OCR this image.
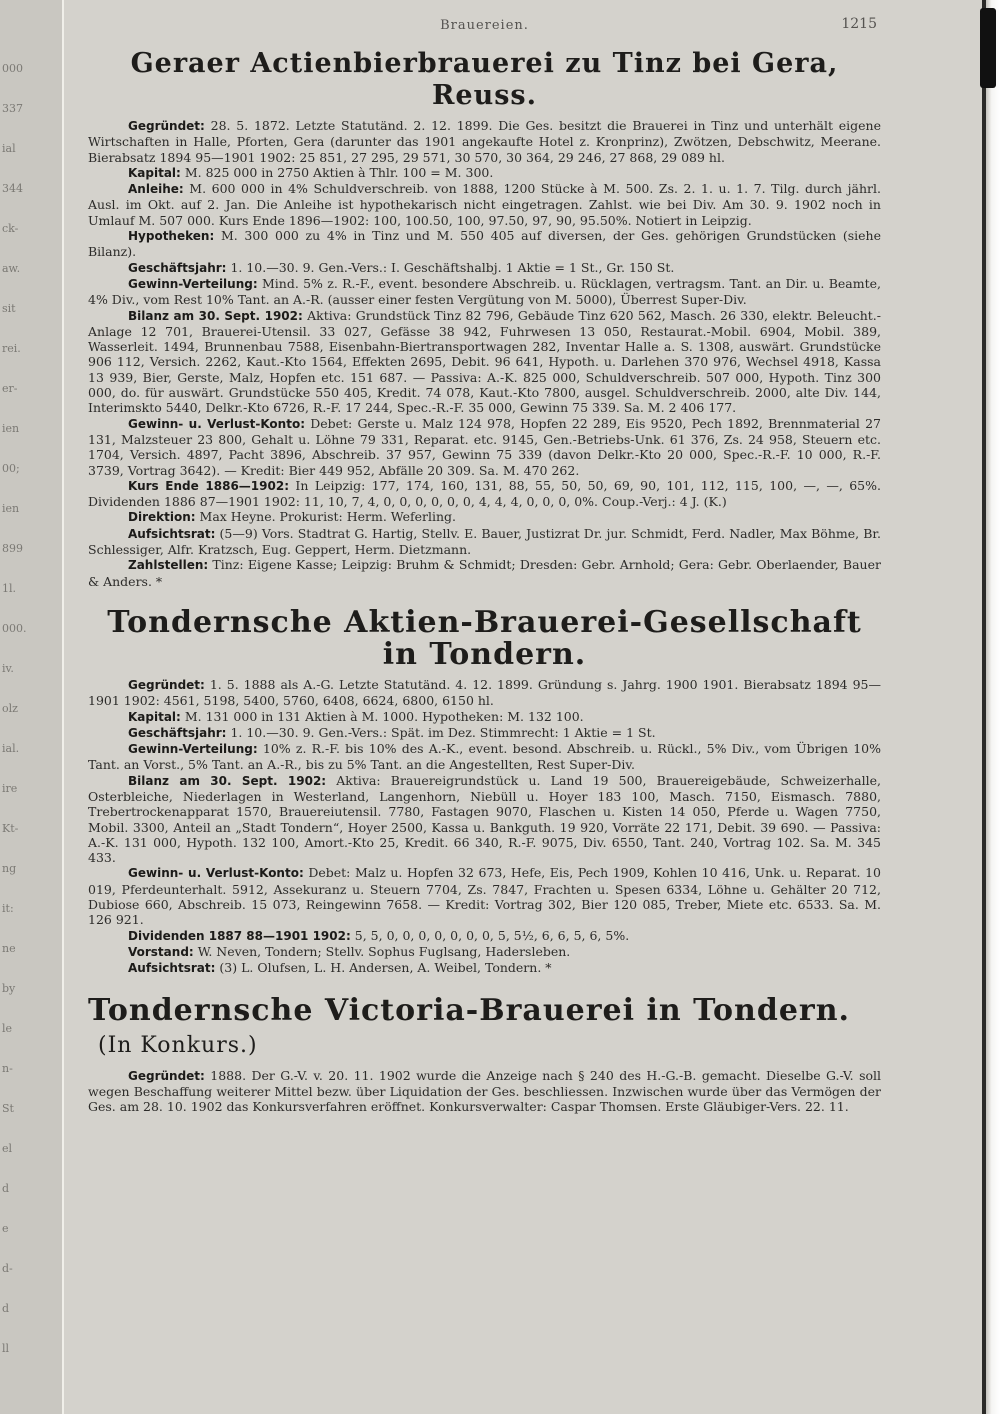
000
337
ial
344
ck-
aw.
sit
rei.
er-
ien
00;
ien
899
1l.
000.
iv.
olz
ial.
ire
Kt-
ng
it:
ne
by
le
n-
St
el
d
e
d-
d
ll
Brauereien.	1215
Geraer Actienbierbrauerei zu Tinz bei Gera, Reuss.

Gegründet: 28. 5. 1872. Letzte Statutänd. 2. 12. 1899. Die Ges. besitzt die Brauerei in Tinz und unterhält eigene Wirtschaften in Halle, Pforten, Gera (darunter das 1901 angekaufte Hotel z. Kronprinz), Zwötzen, Debschwitz, Meerane. Bierabsatz 1894 95—1901 1902: 25 851, 27 295, 29 571, 30 570, 30 364, 29 246, 27 868, 29 089 hl.

Kapital: M. 825 000 in 2750 Aktien à Thlr. 100 = M. 300.

Anleihe: M. 600 000 in 4% Schuldverschreib. von 1888, 1200 Stücke à M. 500. Zs. 2. 1. u. 1. 7. Tilg. durch jährl. Ausl. im Okt. auf 2. Jan. Die Anleihe ist hypothekarisch nicht eingetragen. Zahlst. wie bei Div. Am 30. 9. 1902 noch in Umlauf M. 507 000. Kurs Ende 1896—1902: 100, 100.50, 100, 97.50, 97, 90, 95.50%. Notiert in Leipzig.

Hypotheken: M. 300 000 zu 4% in Tinz und M. 550 405 auf diversen, der Ges. gehörigen Grundstücken (siehe Bilanz).

Geschäftsjahr: 1. 10.—30. 9. Gen.-Vers.: I. Geschäftshalbj. 1 Aktie = 1 St., Gr. 150 St.

Gewinn-Verteilung: Mind. 5% z. R.-F., event. besondere Abschreib. u. Rücklagen, vertragsm. Tant. an Dir. u. Beamte, 4% Div., vom Rest 10% Tant. an A.-R. (ausser einer festen Vergütung von M. 5000), Überrest Super-Div.

Bilanz am 30. Sept. 1902: Aktiva: Grundstück Tinz 82 796, Gebäude Tinz 620 562, Masch. 26 330, elektr. Beleucht.-Anlage 12 701, Brauerei-Utensil. 33 027, Gefässe 38 942, Fuhrwesen 13 050, Restaurat.-Mobil. 6904, Mobil. 389, Wasserleit. 1494, Brunnenbau 7588, Eisenbahn-Biertransportwagen 282, Inventar Halle a. S. 1308, auswärt. Grundstücke 906 112, Versich. 2262, Kaut.-Kto 1564, Effekten 2695, Debit. 96 641, Hypoth. u. Darlehen 370 976, Wechsel 4918, Kassa 13 939, Bier, Gerste, Malz, Hopfen etc. 151 687. — Passiva: A.-K. 825 000, Schuldverschreib. 507 000, Hypoth. Tinz 300 000, do. für auswärt. Grundstücke 550 405, Kredit. 74 078, Kaut.-Kto 7800, ausgel. Schuldverschreib. 2000, alte Div. 144, Interimskto 5440, Delkr.-Kto 6726, R.-F. 17 244, Spec.-R.-F. 35 000, Gewinn 75 339. Sa. M. 2 406 177.

Gewinn- u. Verlust-Konto: Debet: Gerste u. Malz 124 978, Hopfen 22 289, Eis 9520, Pech 1892, Brennmaterial 27 131, Malzsteuer 23 800, Gehalt u. Löhne 79 331, Reparat. etc. 9145, Gen.-Betriebs-Unk. 61 376, Zs. 24 958, Steuern etc. 1704, Versich. 4897, Pacht 3896, Abschreib. 37 957, Gewinn 75 339 (davon Delkr.-Kto 20 000, Spec.-R.-F. 10 000, R.-F. 3739, Vortrag 3642). — Kredit: Bier 449 952, Abfälle 20 309. Sa. M. 470 262.

Kurs Ende 1886—1902: In Leipzig: 177, 174, 160, 131, 88, 55, 50, 50, 69, 90, 101, 112, 115, 100, —, —, 65%. Dividenden 1886 87—1901 1902: 11, 10, 7, 4, 0, 0, 0, 0, 0, 0, 4, 4, 4, 0, 0, 0, 0%. Coup.-Verj.: 4 J. (K.)

Direktion: Max Heyne. Prokurist: Herm. Weferling.

Aufsichtsrat: (5—9) Vors. Stadtrat G. Hartig, Stellv. E. Bauer, Justizrat Dr. jur. Schmidt, Ferd. Nadler, Max Böhme, Br. Schlessiger, Alfr. Kratzsch, Eug. Geppert, Herm. Dietzmann.

Zahlstellen: Tinz: Eigene Kasse; Leipzig: Bruhm & Schmidt; Dresden: Gebr. Arnhold; Gera: Gebr. Oberlaender, Bauer & Anders. *

Tondernsche Aktien-Brauerei-Gesellschaft in Tondern.

Gegründet: 1. 5. 1888 als A.-G. Letzte Statutänd. 4. 12. 1899. Gründung s. Jahrg. 1900 1901. Bierabsatz 1894 95—1901 1902: 4561, 5198, 5400, 5760, 6408, 6624, 6800, 6150 hl.

Kapital: M. 131 000 in 131 Aktien à M. 1000. Hypotheken: M. 132 100.

Geschäftsjahr: 1. 10.—30. 9. Gen.-Vers.: Spät. im Dez. Stimmrecht: 1 Aktie = 1 St.

Gewinn-Verteilung: 10% z. R.-F. bis 10% des A.-K., event. besond. Abschreib. u. Rückl., 5% Div., vom Übrigen 10% Tant. an Vorst., 5% Tant. an A.-R., bis zu 5% Tant. an die Angestellten, Rest Super-Div.

Bilanz am 30. Sept. 1902: Aktiva: Brauereigrundstück u. Land 19 500, Brauereigebäude, Schweizerhalle, Osterbleiche, Niederlagen in Westerland, Langenhorn, Niebüll u. Hoyer 183 100, Masch. 7150, Eismasch. 7880, Trebertrockenapparat 1570, Brauereiutensil. 7780, Fastagen 9070, Flaschen u. Kisten 14 050, Pferde u. Wagen 7750, Mobil. 3300, Anteil an „Stadt Tondern“, Hoyer 2500, Kassa u. Bankguth. 19 920, Vorräte 22 171, Debit. 39 690. — Passiva: A.-K. 131 000, Hypoth. 132 100, Amort.-Kto 25, Kredit. 66 340, R.-F. 9075, Div. 6550, Tant. 240, Vortrag 102. Sa. M. 345 433.

Gewinn- u. Verlust-Konto: Debet: Malz u. Hopfen 32 673, Hefe, Eis, Pech 1909, Kohlen 10 416, Unk. u. Reparat. 10 019, Pferdeunterhalt. 5912, Assekuranz u. Steuern 7704, Zs. 7847, Frachten u. Spesen 6334, Löhne u. Gehälter 20 712, Dubiose 660, Abschreib. 15 073, Reingewinn 7658. — Kredit: Vortrag 302, Bier 120 085, Treber, Miete etc. 6533. Sa. M. 126 921.

Dividenden 1887 88—1901 1902: 5, 5, 0, 0, 0, 0, 0, 0, 0, 5, 5½, 6, 6, 5, 6, 5%.

Vorstand: W. Neven, Tondern; Stellv. Sophus Fuglsang, Hadersleben.

Aufsichtsrat: (3) L. Olufsen, L. H. Andersen, A. Weibel, Tondern. *

Tondernsche Victoria-Brauerei in Tondern.(In Konkurs.)

Gegründet: 1888. Der G.-V. v. 20. 11. 1902 wurde die Anzeige nach § 240 des H.-G.-B. gemacht. Dieselbe G.-V. soll wegen Beschaffung weiterer Mittel bezw. über Liquidation der Ges. beschliessen. Inzwischen wurde über das Vermögen der Ges. am 28. 10. 1902 das Konkursverfahren eröffnet. Konkursverwalter: Caspar Thomsen. Erste Gläubiger-Vers. 22. 11.
